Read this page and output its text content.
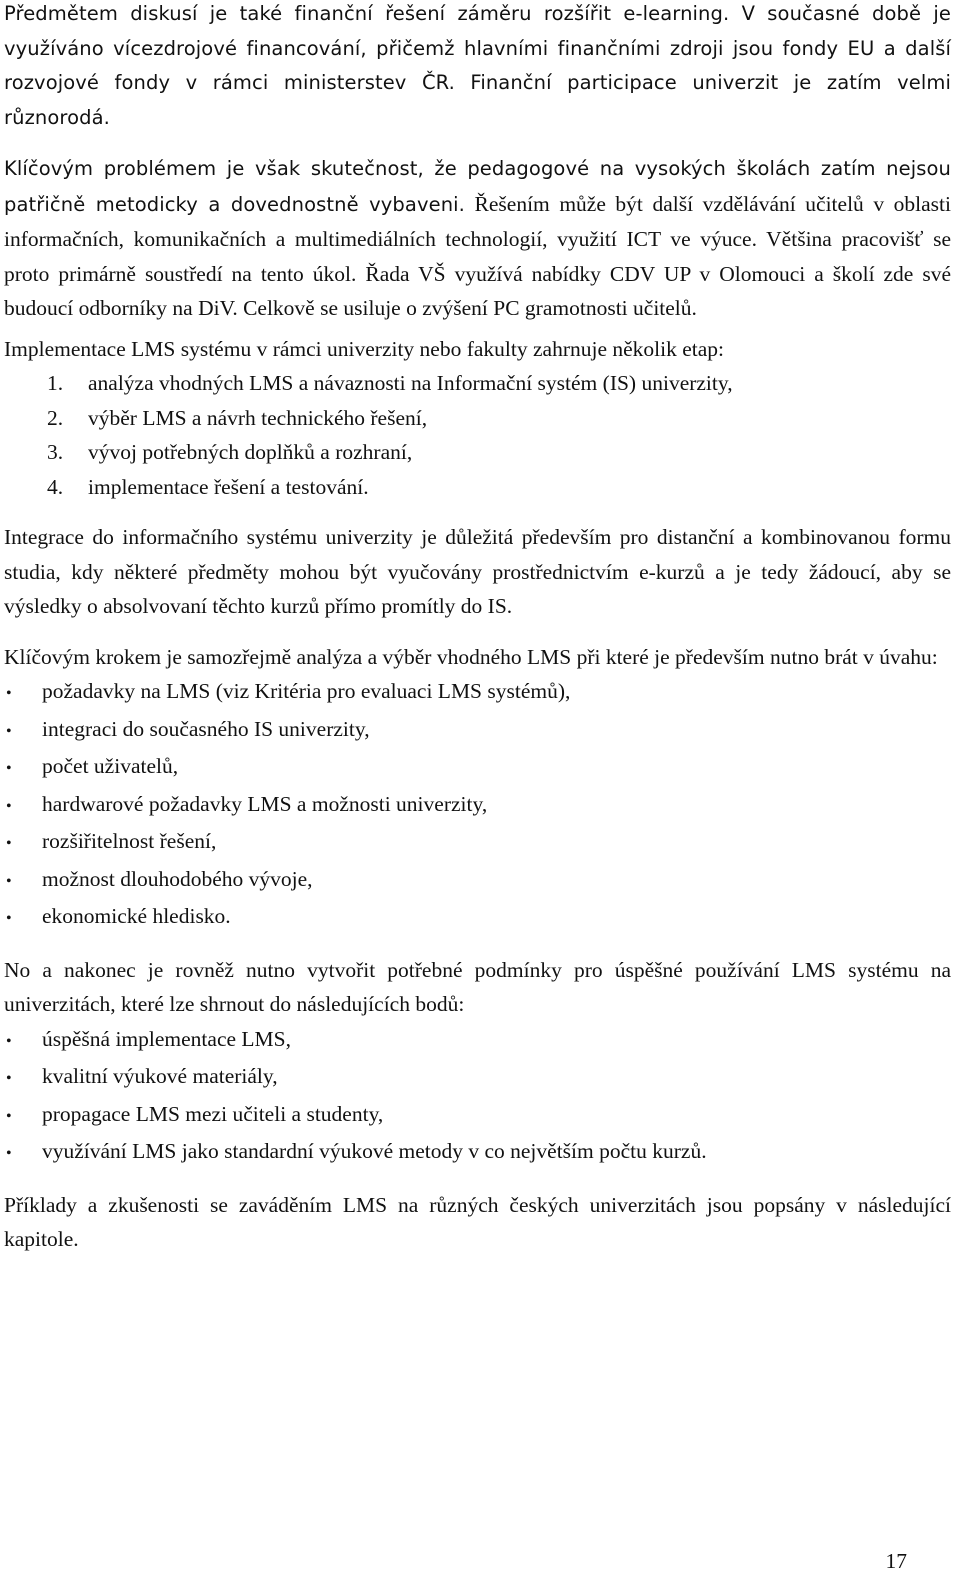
Předmětem diskusí je také finanční řešení záměru rozšířit e-learning. V současné době je využíváno vícezdrojové financování, přičemž hlavními finančními zdroji jsou fondy EU a další rozvojové fondy v rámci ministerstev ČR. Finanční participace univerzit je zatím velmi různorodá.

Klíčovým problémem je však skutečnost, že pedagogové na vysokých školách zatím nejsou patřičně metodicky a dovednostně vybaveni. Řešením může být další vzdělávání učitelů v oblasti informačních, komunikačních a multimediálních technologií, využití ICT ve výuce. Většina pracovišť se proto primárně soustředí na tento úkol. Řada VŠ využívá nabídky CDV UP v Olomouci a školí zde své budoucí odborníky na DiV. Celkově se usiluje o zvýšení PC gramotnosti učitelů.

Implementace LMS systému v rámci univerzity nebo fakulty zahrnuje několik etap:

1.	analýza vhodných LMS a návaznosti na Informační systém (IS) univerzity,
2.	výběr LMS a návrh technického řešení,
3.	vývoj potřebných doplňků a rozhraní,
4.	implementace řešení a testování.

Integrace do informačního systému univerzity je důležitá především pro distanční a kombinovanou formu studia, kdy některé předměty mohou být vyučovány prostřednictvím e-kurzů a je tedy žádoucí, aby se výsledky o absolvovaní těchto kurzů přímo promítly do IS.

Klíčovým krokem je samozřejmě analýza a výběr vhodného LMS při které je především nutno brát v úvahu:

•	požadavky na LMS (viz Kritéria pro evaluaci LMS systémů),
•	integraci do současného IS univerzity,
•	počet uživatelů,
•	hardwarové požadavky LMS a možnosti univerzity,
•	rozšiřitelnost řešení,
•	možnost dlouhodobého vývoje,
•	ekonomické hledisko.

No a nakonec je rovněž nutno vytvořit potřebné podmínky pro úspěšné používání LMS systému na univerzitách, které lze shrnout do následujících bodů:

•	úspěšná implementace LMS,
•	kvalitní výukové materiály,
•	propagace LMS mezi učiteli a studenty,
•	využívání LMS jako standardní výukové metody v co největším počtu kurzů.

Příklady a zkušenosti se zaváděním LMS na různých českých univerzitách jsou popsány v následující kapitole.

17
